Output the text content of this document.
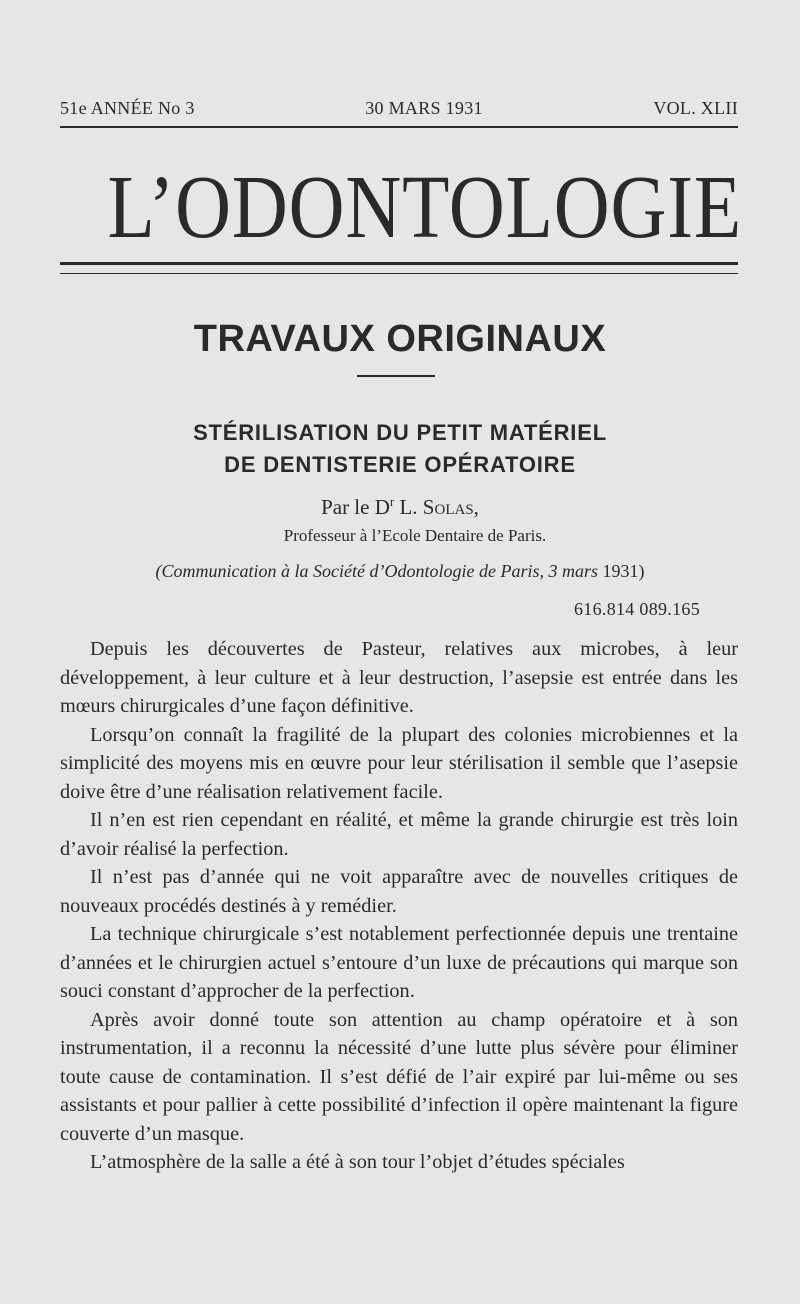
51e ANNÉE No 3	30 MARS 1931	VOL. XLII
L’ODONTOLOGIE
TRAVAUX ORIGINAUX
STÉRILISATION DU PETIT MATÉRIEL
DE DENTISTERIE OPÉRATOIRE
Par le $D^r$ L. Solas,
Professeur à l’Ecole Dentaire de Paris.
(Communication à la Société d’Odontologie de Paris, 3 mars 1931)
616.814 089.165

Depuis les découvertes de Pasteur, relatives aux microbes, à leur développement, à leur culture et à leur destruction, l’asepsie est entrée dans les mœurs chirurgicales d’une façon définitive.

Lorsqu’on connaît la fragilité de la plupart des colonies microbiennes et la simplicité des moyens mis en œuvre pour leur stérilisation il semble que l’asepsie doive être d’une réalisation relativement facile.

Il n’en est rien cependant en réalité, et même la grande chirurgie est très loin d’avoir réalisé la perfection.

Il n’est pas d’année qui ne voit apparaître avec de nouvelles critiques de nouveaux procédés destinés à y remédier.

La technique chirurgicale s’est notablement perfectionnée depuis une trentaine d’années et le chirurgien actuel s’entoure d’un luxe de précautions qui marque son souci constant d’approcher de la perfection.

Après avoir donné toute son attention au champ opératoire et à son instrumentation, il a reconnu la nécessité d’une lutte plus sévère pour éliminer toute cause de contamination. Il s’est défié de l’air expiré par lui-même ou ses assistants et pour pallier à cette possibilité d’infection il opère maintenant la figure couverte d’un masque.

L’atmosphère de la salle a été à son tour l’objet d’études spéciales
